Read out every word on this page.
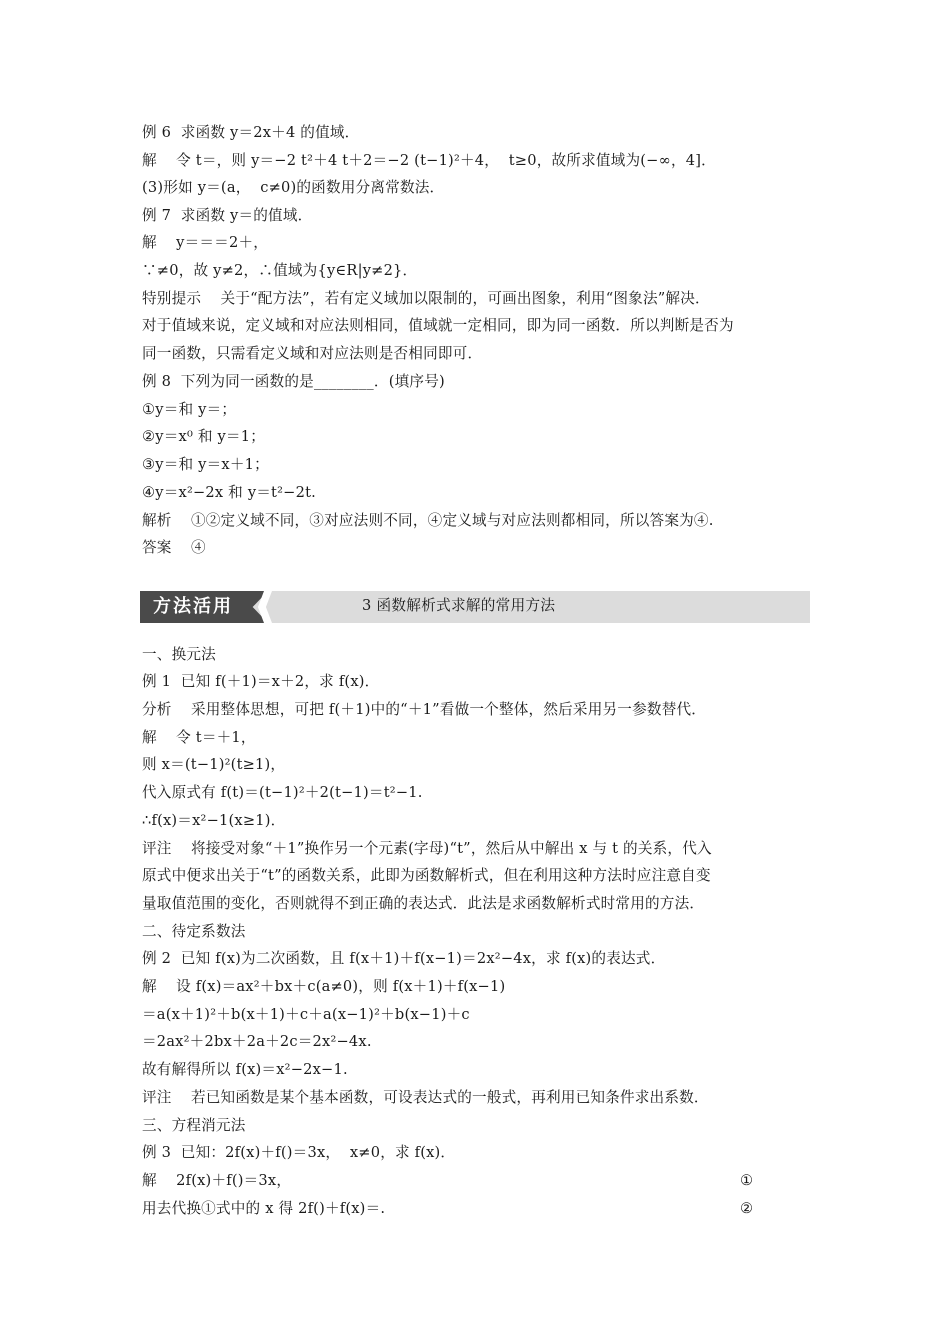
例 6  求函数 y＝2x＋4 的值域．
解    令 t＝，则 y＝−2 t²＋4 t＋2＝−2 (t−1)²＋4，  t≥0，故所求值域为(−∞，4]．
(3)形如 y＝(a，  c≠0)的函数用分离常数法．
例 7  求函数 y＝的值域．
解    y＝＝＝2＋，
∵≠0，故 y≠2，∴值域为{y∈R|y≠2}．
特别提示    关于“配方法”，若有定义域加以限制的，可画出图象，利用“图象法”解决．
对于值域来说，定义域和对应法则相同，值域就一定相同，即为同一函数．所以判断是否为
同一函数，只需看定义域和对应法则是否相同即可．
例 8  下列为同一函数的是________．(填序号)
①y＝和 y＝；
②y＝x⁰ 和 y＝1；
③y＝和 y＝x＋1；
④y＝x²−2x 和 y＝t²−2t.
解析    ①②定义域不同，③对应法则不同，④定义域与对应法则都相同，所以答案为④.
答案    ④
方法活用	3 函数解析式求解的常用方法
一、换元法
例 1  已知 f(＋1)＝x＋2，求 f(x)．
分析    采用整体思想，可把 f(＋1)中的“＋1”看做一个整体，然后采用另一参数替代．
解    令 t＝＋1，
则 x＝(t−1)²(t≥1)，
代入原式有 f(t)＝(t−1)²＋2(t−1)＝t²−1.
∴f(x)＝x²−1(x≥1)．
评注    将接受对象“＋1”换作另一个元素(字母)“t”，然后从中解出 x 与 t 的关系，代入
原式中便求出关于“t”的函数关系，此即为函数解析式，但在利用这种方法时应注意自变
量取值范围的变化，否则就得不到正确的表达式．此法是求函数解析式时常用的方法．
二、待定系数法
例 2  已知 f(x)为二次函数，且 f(x＋1)＋f(x−1)＝2x²−4x，求 f(x)的表达式．
解    设 f(x)＝ax²＋bx＋c(a≠0)，则 f(x＋1)＋f(x−1)
＝a(x＋1)²＋b(x＋1)＋c＋a(x−1)²＋b(x−1)＋c
＝2ax²＋2bx＋2a＋2c＝2x²−4x.
故有解得所以 f(x)＝x²−2x−1.
评注    若已知函数是某个基本函数，可设表达式的一般式，再利用已知条件求出系数．
三、方程消元法
例 3  已知：2f(x)＋f()＝3x，  x≠0，求 f(x)．
解    2f(x)＋f()＝3x，
用去代换①式中的 x 得 2f()＋f(x)＝.
①
②
